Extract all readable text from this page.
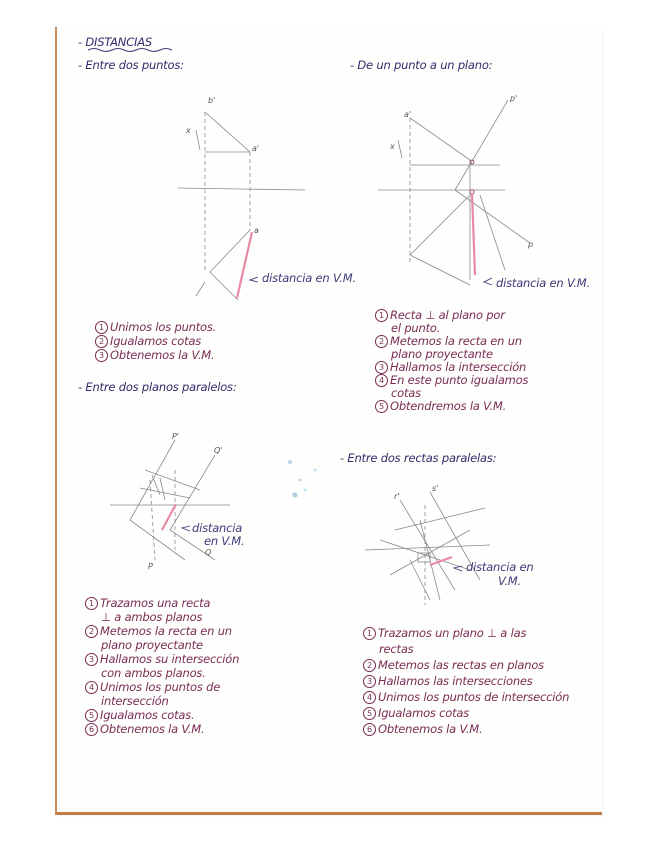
- DISTANCIAS
- Entre dos puntos:	- De un punto a un plano:
- Entre dos planos paralelos:
- Entre dos rectas paralelas:
b'
a'
x
a
a'
p'
x
p
P'
Q'
Q
P
r'
s'
distancia en V.M.	distancia en V.M.
distancia
en V.M.
distancia en
V.M.
1 Unimos los puntos.
2 Igualamos cotas
3 Obtenemos la V.M.
1 Recta ⊥ al plano por
el punto.
2 Metemos la recta en un
plano proyectante
3 Hallamos la intersección
4 En este punto igualamos
cotas
5 Obtendremos la V.M.
1 Trazamos una recta
⊥ a ambos planos
2 Metemos la recta en un
plano proyectante
3 Hallamos su intersección
con ambos planos.
4 Unimos los puntos de
intersección
5 Igualamos cotas.
6 Obtenemos la V.M.
1 Trazamos un plano ⊥ a las
rectas
2 Metemos las rectas en planos
3 Hallamos las intersecciones
4 Unimos los puntos de intersección
5 Igualamos cotas
6 Obtenemos la V.M.
